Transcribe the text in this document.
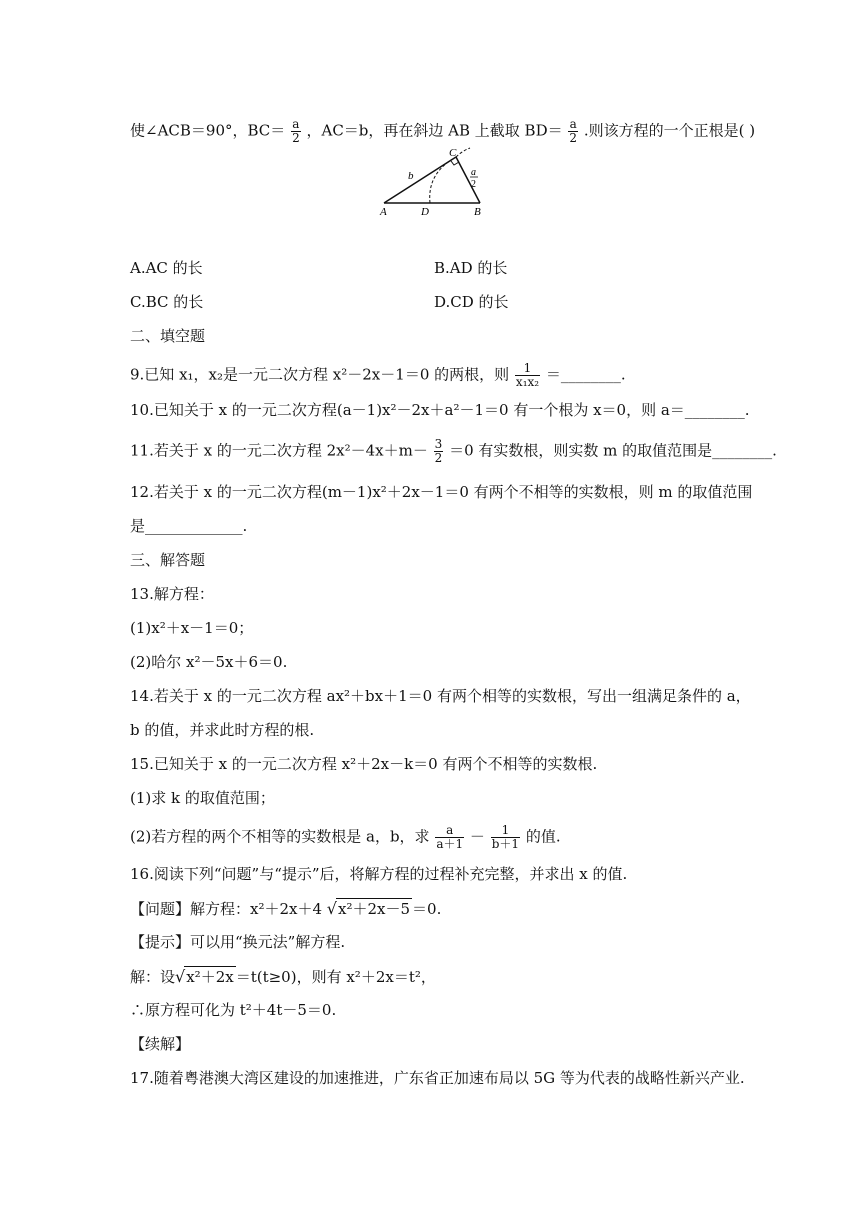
使∠ACB＝90°，$BC= \frac{a}{2}$ ，AC＝b，再在斜边 AB 上截取 $BD= \frac{a}{2}$ .则该方程的一个正根是( )
C
b
A	D	B
a
2
A.AC 的长	B.AD 的长
C.BC 的长	D.CD 的长
二、填空题
9.已知 x₁，x₂是一元二次方程 x²－2x－1＝0 的两根，则 $\frac{1}{\text{x₁x₂}}$ ＝________.
10.已知关于 x 的一元二次方程(a－1)x²－2x＋a²－1＝0 有一个根为 x＝0，则 a＝________.
11.若关于 x 的一元二次方程 $2x^2-4x+m- \frac{3}{2} =0$ 有实数根，则实数 m 的取值范围是________.
12.若关于 x 的一元二次方程(m－1)x²＋2x－1＝0 有两个不相等的实数根，则 m 的取值范围
是_____________.
三、解答题
13.解方程：
(1)x²＋x－1＝0；
(2)哈尔 x²－5x＋6＝0.
14.若关于 x 的一元二次方程 ax²＋bx＋1＝0 有两个相等的实数根，写出一组满足条件的 a，
b 的值，并求此时方程的根.
15.已知关于 x 的一元二次方程 x²＋2x－k＝0 有两个不相等的实数根.
(1)求 k 的取值范围；
(2)若方程的两个不相等的实数根是 a，b，求 $\frac{a}{a+1} - \frac{1}{b+1}$ 的值.
16.阅读下列“问题”与“提示”后，将解方程的过程补充完整，并求出 x 的值.
【问题】解方程：x²＋2x＋4 √x²＋2x－5 ＝0.
【提示】可以用“换元法”解方程.
解：设√x²＋2x ＝t(t≥0)，则有 x²＋2x＝t²，
∴原方程可化为 t²＋4t－5＝0.
【续解】
17.随着粤港澳大湾区建设的加速推进，广东省正加速布局以 5G 等为代表的战略性新兴产业.
